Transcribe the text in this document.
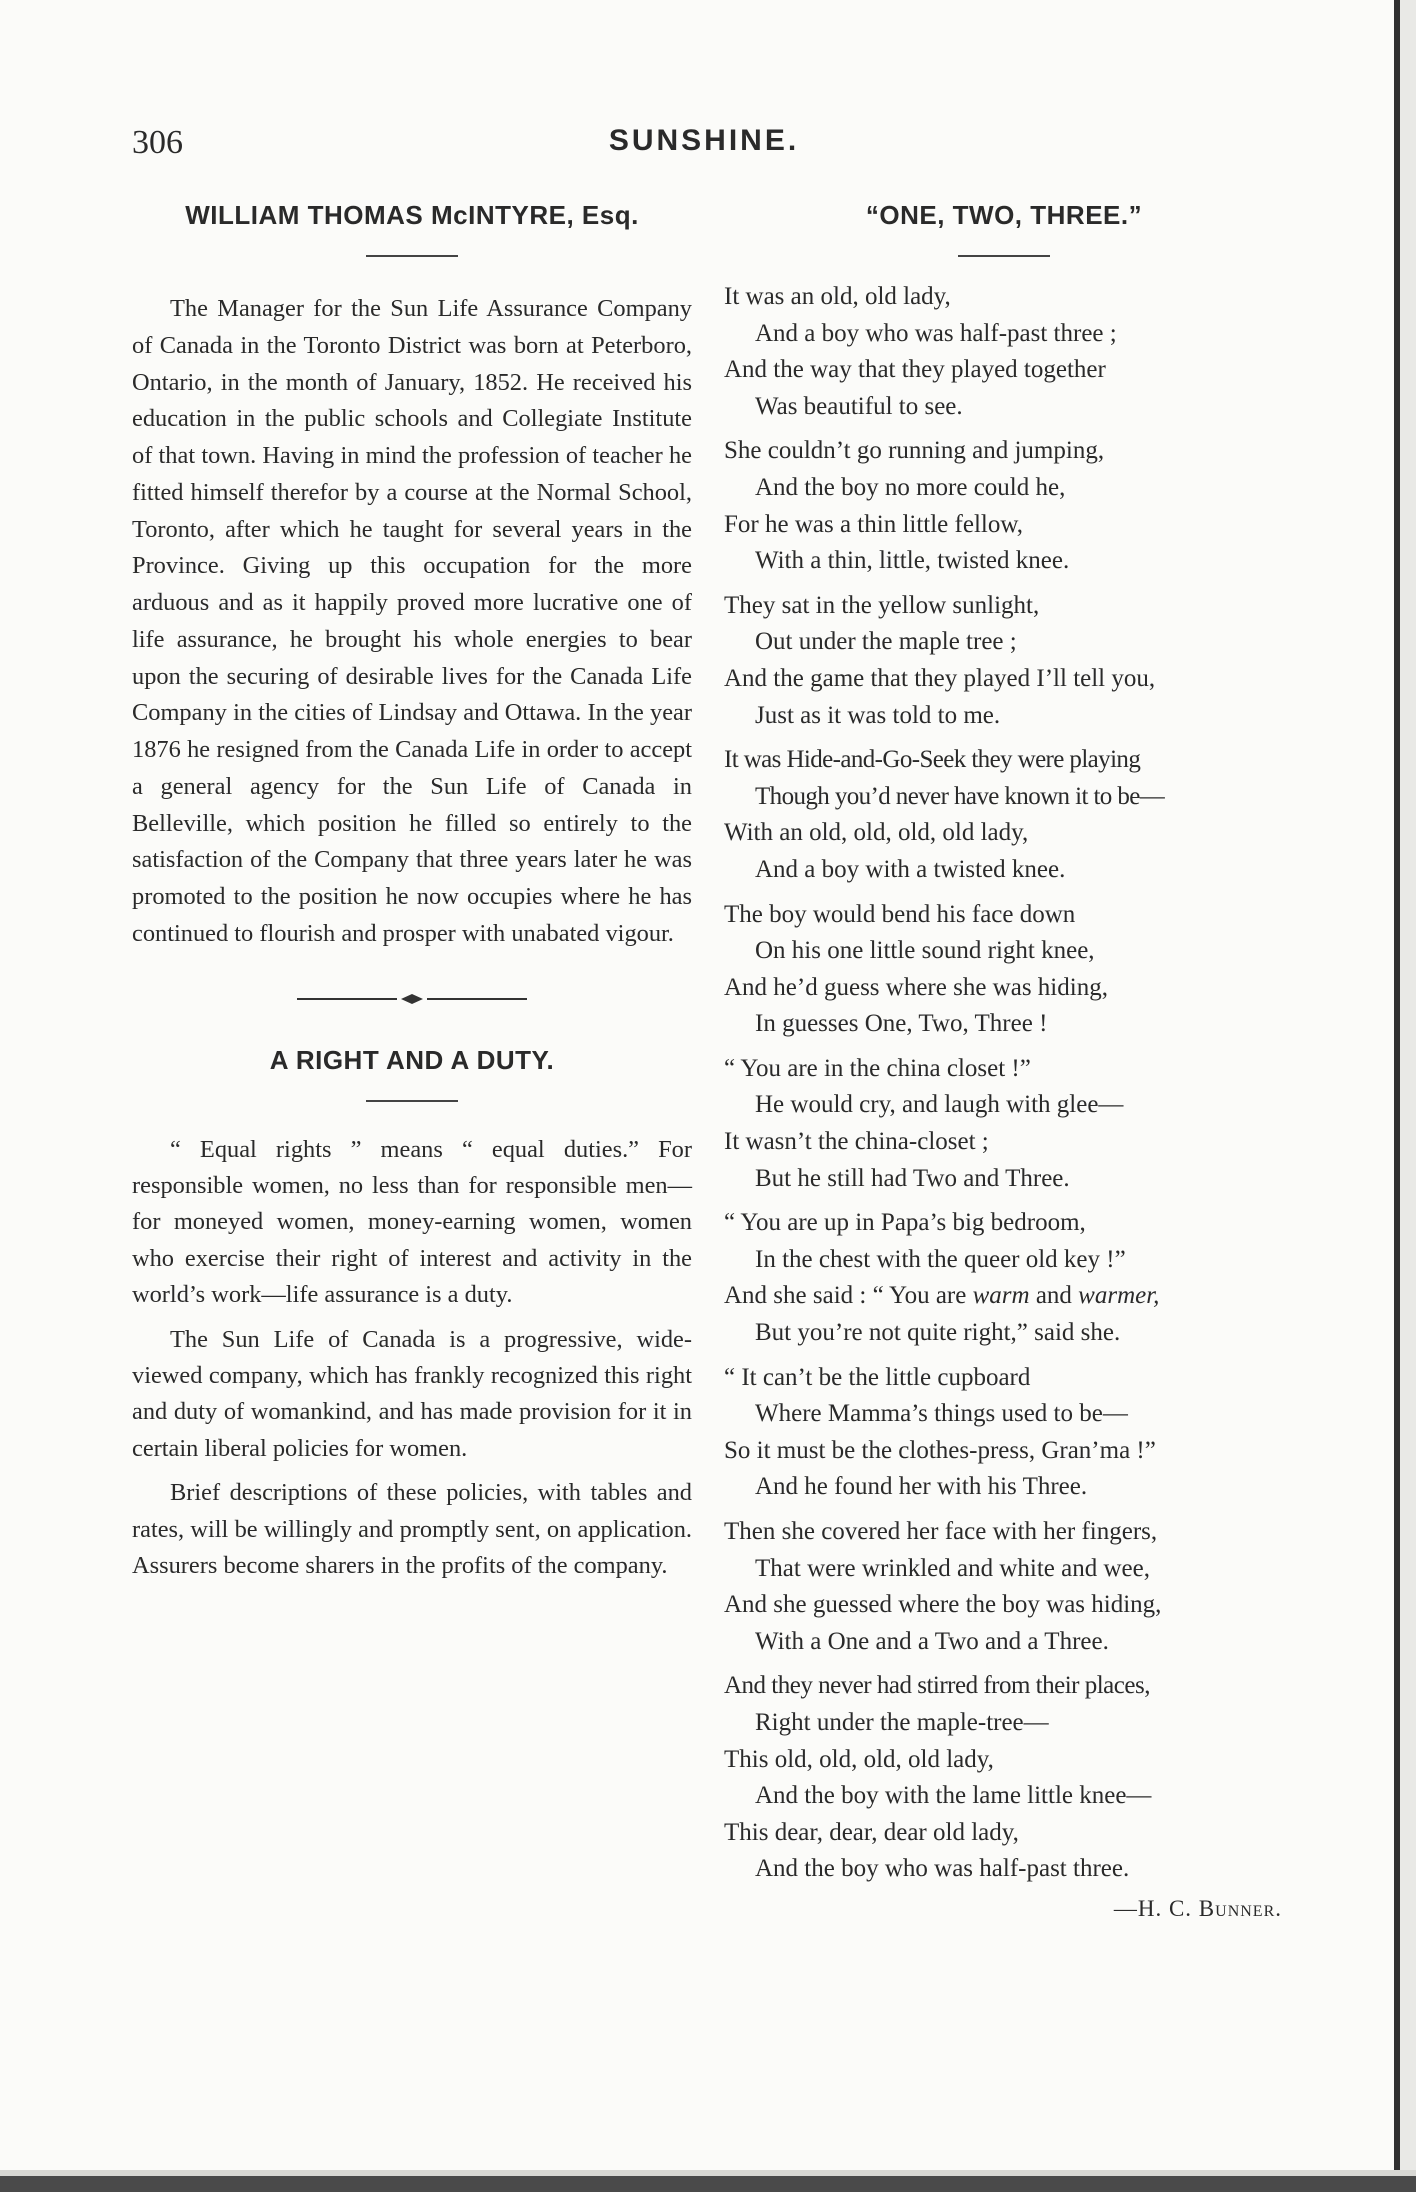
306	SUNSHINE.
WILLIAM THOMAS McINTYRE, Esq.

The Manager for the Sun Life Assurance Company of Canada in the Toronto District was born at Peterboro, Ontario, in the month of January, 1852. He received his education in the public schools and Collegiate Institute of that town. Having in mind the profession of teacher he fitted himself therefor by a course at the Normal School, Toronto, after which he taught for several years in the Province. Giving up this occupation for the more arduous and as it happily proved more lucrative one of life assurance, he brought his whole energies to bear upon the securing of desirable lives for the Canada Life Company in the cities of Lindsay and Ottawa. In the year 1876 he resigned from the Canada Life in order to accept a general agency for the Sun Life of Canada in Belleville, which position he filled so entirely to the satisfaction of the Company that three years later he was promoted to the position he now occupies where he has continued to flourish and prosper with unabated vigour.

A RIGHT AND A DUTY.

“ Equal rights ” means “ equal duties.” For responsible women, no less than for responsible men—for moneyed women, money-earning women, women who exercise their right of interest and activity in the world’s work—life assurance is a duty.

The Sun Life of Canada is a progressive, wide-viewed company, which has frankly recognized this right and duty of womankind, and has made provision for it in certain liberal policies for women.

Brief descriptions of these policies, with tables and rates, will be willingly and promptly sent, on application. Assurers become sharers in the profits of the company.

“ONE, TWO, THREE.”
It was an old, old lady,
And a boy who was half-past three ;
And the way that they played together
Was beautiful to see.
She couldn’t go running and jumping,
And the boy no more could he,
For he was a thin little fellow,
With a thin, little, twisted knee.
They sat in the yellow sunlight,
Out under the maple tree ;
And the game that they played I’ll tell you,
Just as it was told to me.
It was Hide-and-Go-Seek they were playing
Though you’d never have known it to be—
With an old, old, old, old lady,
And a boy with a twisted knee.
The boy would bend his face down
On his one little sound right knee,
And he’d guess where she was hiding,
In guesses One, Two, Three !
“ You are in the china closet !”
He would cry, and laugh with glee—
It wasn’t the china-closet ;
But he still had Two and Three.
“ You are up in Papa’s big bedroom,
In the chest with the queer old key !”
And she said : “ You are warm and warmer,
But you’re not quite right,” said she.
“ It can’t be the little cupboard
Where Mamma’s things used to be—
So it must be the clothes-press, Gran’ma !”
And he found her with his Three.
Then she covered her face with her fingers,
That were wrinkled and white and wee,
And she guessed where the boy was hiding,
With a One and a Two and a Three.
And they never had stirred from their places,
Right under the maple-tree—
This old, old, old, old lady,
And the boy with the lame little knee—
This dear, dear, dear old lady,
And the boy who was half-past three.
—H. C. Bunner.
